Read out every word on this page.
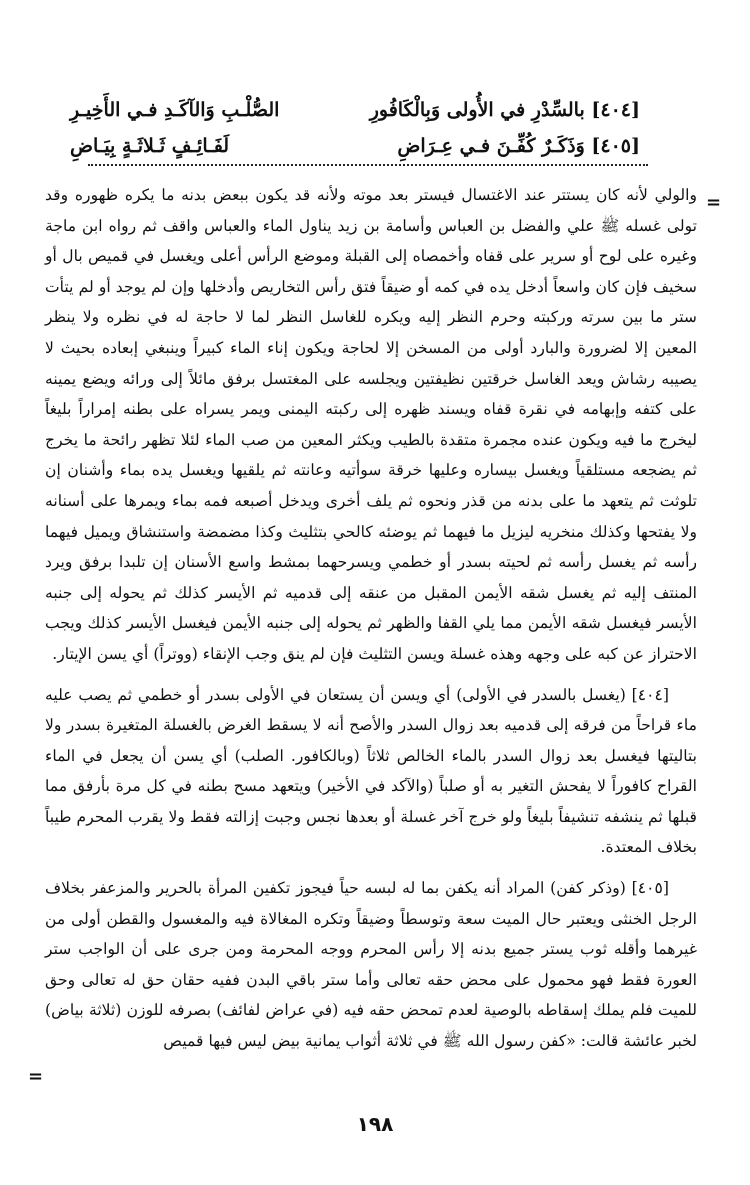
[٤٠٤] بالسِّدْرِ في الأُولى وَبِالْكَافُورِ
الصُّلْـبِ وَالآكَـدِ فـي الأَخِيـرِ
[٤٠٥] وَذَكَـرٌ كُفِّـنَ فـي عِـرَاضِ
لَفَـائِـفٍ ثَـلاثَـةٍ بِيَـاضِ
=

والولي لأنه كان يستتر عند الاغتسال فيستر بعد موته ولأنه قد يكون ببعض بدنه ما يكره ظهوره وقد تولى غسله ﷺ علي والفضل بن العباس وأسامة بن زيد يناول الماء والعباس واقف ثم رواه ابن ماجة وغيره على لوح أو سرير على قفاه وأخمصاه إلى القبلة وموضع الرأس أعلى ويغسل في قميص بال أو سخيف فإن كان واسعاً أدخل يده في كمه أو ضيقاً فتق رأس التخاريص وأدخلها وإن لم يوجد أو لم يتأت ستر ما بين سرته وركبته وحرم النظر إليه ويكره للغاسل النظر لما لا حاجة له في نظره ولا ينظر المعين إلا لضرورة والبارد أولى من المسخن إلا لحاجة ويكون إناء الماء كبيراً وينبغي إبعاده بحيث لا يصيبه رشاش ويعد الغاسل خرقتين نظيفتين ويجلسه على المغتسل برفق مائلاً إلى ورائه ويضع يمينه على كتفه وإبهامه في نقرة قفاه ويسند ظهره إلى ركبته اليمنى ويمر يسراه على بطنه إمراراً بليغاً ليخرج ما فيه ويكون عنده مجمرة متقدة بالطيب ويكثر المعين من صب الماء لئلا تظهر رائحة ما يخرج ثم يضجعه مستلقياً ويغسل بيساره وعليها خرقة سوأتيه وعانته ثم يلقيها ويغسل يده بماء وأشنان إن تلوثت ثم يتعهد ما على بدنه من قذر ونحوه ثم يلف أخرى ويدخل أصبعه فمه بماء ويمرها على أسنانه ولا يفتحها وكذلك منخريه ليزيل ما فيهما ثم يوضئه كالحي بتثليث وكذا مضمضة واستنشاق ويميل فيهما رأسه ثم يغسل رأسه ثم لحيته بسدر أو خطمي ويسرحهما بمشط واسع الأسنان إن تلبدا برفق ويرد المنتف إليه ثم يغسل شقه الأيمن المقبل من عنقه إلى قدميه ثم الأيسر كذلك ثم يحوله إلى جنبه الأيسر فيغسل شقه الأيمن مما يلي القفا والظهر ثم يحوله إلى جنبه الأيمن فيغسل الأيسر كذلك ويجب الاحتراز عن كبه على وجهه وهذه غسلة ويسن التثليث فإن لم ينق وجب الإنقاء (ووتراً) أي يسن الإيتار.

[٤٠٤] (يغسل بالسدر في الأولى) أي ويسن أن يستعان في الأولى بسدر أو خطمي ثم يصب عليه ماء قراحاً من فرقه إلى قدميه بعد زوال السدر والأصح أنه لا يسقط الغرض بالغسلة المتغيرة بسدر ولا بتاليتها فيغسل بعد زوال السدر بالماء الخالص ثلاثاً (وبالكافور. الصلب) أي يسن أن يجعل في الماء القراح كافوراً لا يفحش التغير به أو صلباً (والآكد في الأخير) ويتعهد مسح بطنه في كل مرة بأرفق مما قبلها ثم ينشفه تنشيفاً بليغاً ولو خرج آخر غسلة أو بعدها نجس وجبت إزالته فقط ولا يقرب المحرم طيباً بخلاف المعتدة.

[٤٠٥] (وذكر كفن) المراد أنه يكفن بما له لبسه حياً فيجوز تكفين المرأة بالحرير والمزعفر بخلاف الرجل الخنثى ويعتبر حال الميت سعة وتوسطاً وضيقاً وتكره المغالاة فيه والمغسول والقطن أولى من غيرهما وأقله ثوب يستر جميع بدنه إلا رأس المحرم ووجه المحرمة ومن جرى على أن الواجب ستر العورة فقط فهو محمول على محض حقه تعالى وأما ستر باقي البدن ففيه حقان حق له تعالى وحق للميت فلم يملك إسقاطه بالوصية لعدم تمحض حقه فيه (في عراض لفائف) بصرفه للوزن (ثلاثة بياض) لخبر عائشة قالت: «كفن رسول الله ﷺ في ثلاثة أثواب يمانية بيض ليس فيها قميص

=
١٩٨
